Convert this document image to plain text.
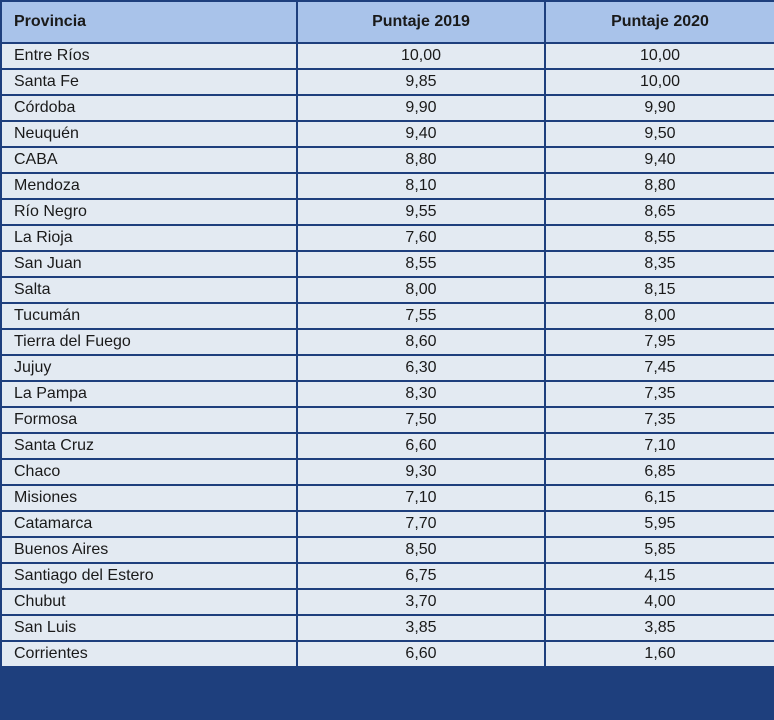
Provincia	Puntaje 2019	Puntaje 2020
Entre Ríos	10,00	10,00
Santa Fe	9,85	10,00
Córdoba	9,90	9,90
Neuquén	9,40	9,50
CABA	8,80	9,40
Mendoza	8,10	8,80
Río Negro	9,55	8,65
La Rioja	7,60	8,55
San Juan	8,55	8,35
Salta	8,00	8,15
Tucumán	7,55	8,00
Tierra del Fuego	8,60	7,95
Jujuy	6,30	7,45
La Pampa	8,30	7,35
Formosa	7,50	7,35
Santa Cruz	6,60	7,10
Chaco	9,30	6,85
Misiones	7,10	6,15
Catamarca	7,70	5,95
Buenos Aires	8,50	5,85
Santiago del Estero	6,75	4,15
Chubut	3,70	4,00
San Luis	3,85	3,85
Corrientes	6,60	1,60
